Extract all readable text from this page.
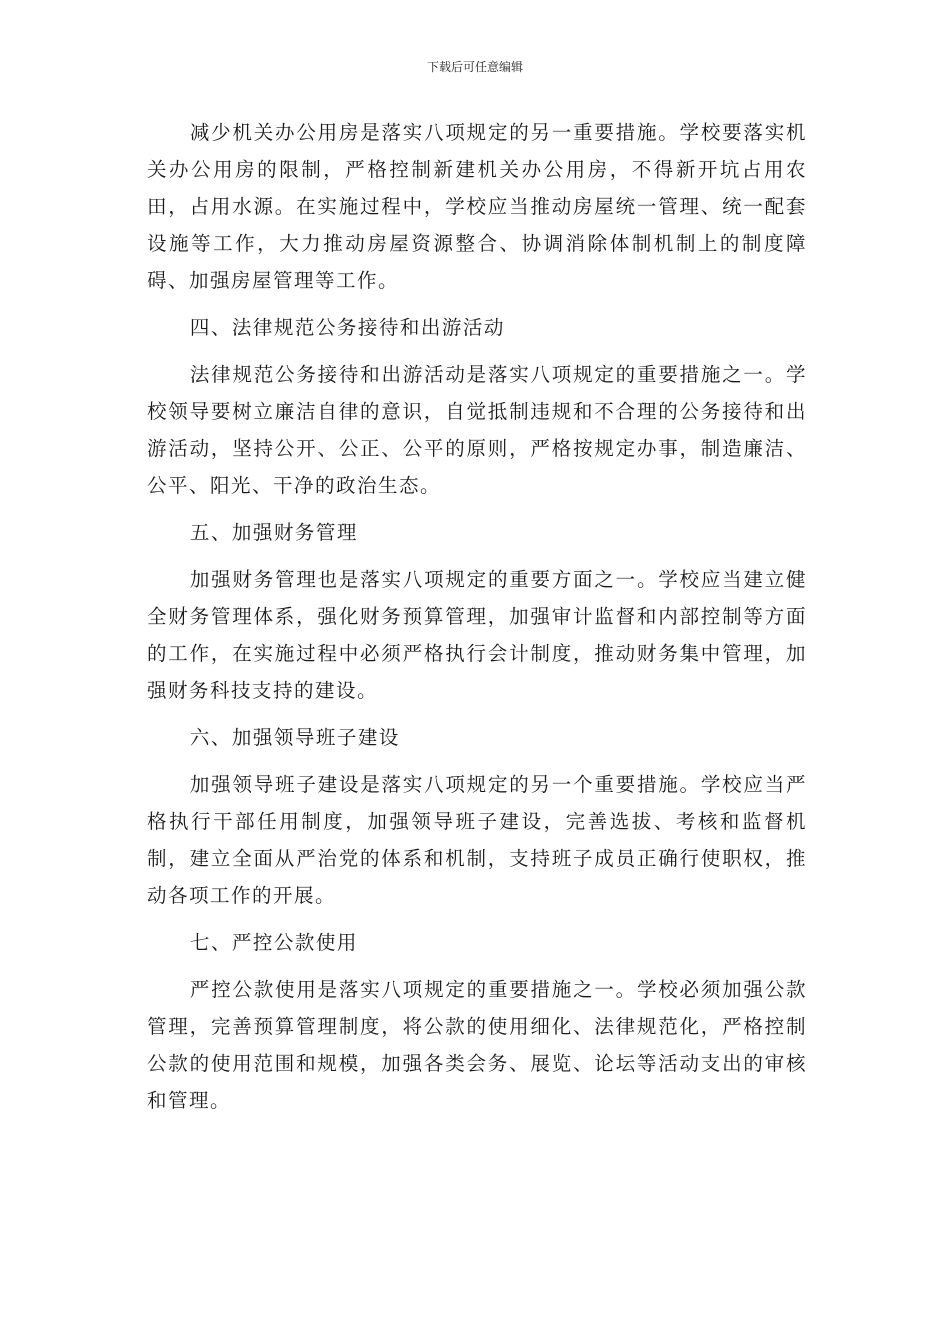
下载后可任意编辑

减少机关办公用房是落实八项规定的另一重要措施。学校要落实机关办公用房的限制，严格控制新建机关办公用房，不得新开坑占用农田，占用水源。在实施过程中，学校应当推动房屋统一管理、统一配套设施等工作，大力推动房屋资源整合、协调消除体制机制上的制度障碍、加强房屋管理等工作。

四、法律规范公务接待和出游活动

法律规范公务接待和出游活动是落实八项规定的重要措施之一。学校领导要树立廉洁自律的意识，自觉抵制违规和不合理的公务接待和出游活动，坚持公开、公正、公平的原则，严格按规定办事，制造廉洁、公平、阳光、干净的政治生态。

五、加强财务管理

加强财务管理也是落实八项规定的重要方面之一。学校应当建立健全财务管理体系，强化财务预算管理，加强审计监督和内部控制等方面的工作，在实施过程中必须严格执行会计制度，推动财务集中管理，加强财务科技支持的建设。

六、加强领导班子建设

加强领导班子建设是落实八项规定的另一个重要措施。学校应当严格执行干部任用制度，加强领导班子建设，完善选拔、考核和监督机制，建立全面从严治党的体系和机制，支持班子成员正确行使职权，推动各项工作的开展。

七、严控公款使用

严控公款使用是落实八项规定的重要措施之一。学校必须加强公款管理，完善预算管理制度，将公款的使用细化、法律规范化，严格控制公款的使用范围和规模，加强各类会务、展览、论坛等活动支出的审核和管理。
